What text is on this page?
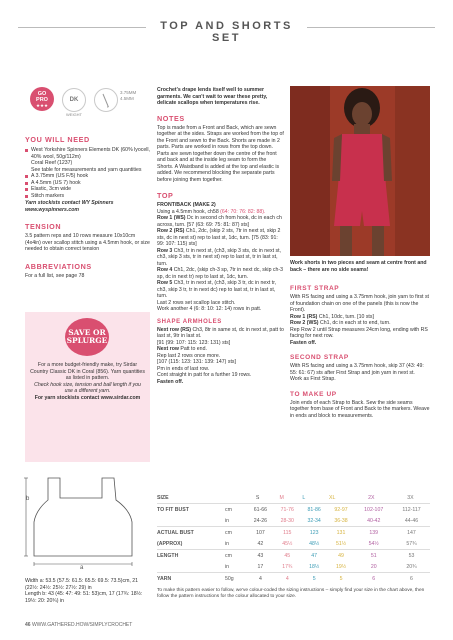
TOP AND SHORTS SET
GO
PRO
★★★
DK
WEIGHT
3.75MM
4.5MM
YOU WILL NEED
West Yorkshire Spinners Elements DK (60% lyocell, 40% wool, 50g/112m)
Coral Reef (1237)
See table for measurements and yarn quantities
A 3.75mm (US F/5) hook
A 4.5mm (US 7) hook
Elastic, 3cm wide
Stitch markers
Yarn stockists contact WY Spinners www.wyspinners.com
TENSION
3.5 pattern reps and 10 rows measure 10x10cm (4x4in) over scallop stitch using a 4.5mm hook, or size needed to obtain correct tension
ABBREVIATIONS
For a full list, see page 78
SAVE OR
SPLURGE
For a more budget-friendly make, try Sirdar Country Classic DK in Coral (856). Yarn quantities as listed in pattern.
Check hook size, tension and ball length if you use a different yarn.
For yarn stockists contact www.sirdar.com
Crochet's drape lends itself well to summer garments. We can't wait to wear these pretty, delicate scallops when temperatures rise.
NOTES
Top is made from a Front and Back, which are sewn together at the sides. Straps are worked from the top of the Front and sewn to the Back. Shorts are made in 2 parts. Parts are worked in rows from the top down. Parts are sewn together down the centre of the front and back and at the inside leg seam to form the Shorts. A Waistband is added at the top and elastic is added. We recommend blocking the separate parts before joining them together.
TOP
FRONT/BACK (MAKE 2)
Using a 4.5mm hook, ch58 (64: 70: 76: 82: 88).
Row 1 (WS) Dc in second ch from hook, dc in each ch across, turn. [57 (63: 69: 75: 81: 87) sts]
Row 2 (RS) Ch1, 2dc, (skip 2 sts, 7tr in next st, skip 2 sts, dc in next st) rep to last st, 1dc, turn. [75 (83: 91: 99: 107: 115) sts]
Row 3 Ch3, tr in next st, (ch3, skip 3 sts, dc in next st, ch3, skip 3 sts, tr in next st) rep to last st, tr in last st, turn.
Row 4 Ch1, 2dc, (skip ch-3 sp, 7tr in next dc, skip ch-3 sp, dc in next tr) rep to last st, 1dc, turn.
Row 5 Ch3, tr in next st, (ch3, skip 3 tr, dc in next tr, ch3, skip 3 tr, tr in next dc) rep to last st, tr in last st, turn.
Last 2 rows set scallop lace stitch.
Work another 4 (6: 8: 10: 12: 14) rows in patt.
SHAPE ARMHOLES
Next row (RS) Ch3, 8tr in same st, dc in next st, patt to last st, 9tr in last st.
[91 (99: 107: 115: 123: 131) sts]
Next row Patt to end.
Rep last 2 rows once more.
[107 (115: 123: 131: 139: 147) sts]
Pm in ends of last row.
Cont straight in patt for a further 19 rows.
Fasten off.
Work shorts in two pieces and seam at centre front and back – there are no side seams!
FIRST STRAP
With RS facing and using a 3.75mm hook, join yarn to first st of foundation chain on one of the panels (this is now the Front).
Row 1 (RS) Ch1, 10dc, turn. [10 sts]
Row 2 (WS) Ch1, dc in each st to end, turn.
Rep Row 2 until Strap measures 24cm long, ending with RS facing for next row.
Fasten off.
SECOND STRAP
With RS facing and using a 3.75mm hook, skip 37 (43: 49: 55: 61: 67) sts after First Strap and join yarn in next st.
Work as First Strap.
TO MAKE UP
Join ends of each Strap to Back. Sew the side seams together from base of Front and Back to the markers. Weave in ends and block to measurements.
b
a
Width a: 53.5 (57.5: 61.5: 65.5: 69.5: 73.5)cm, 21 (22½: 24½: 25½: 27½: 29) in
Length b: 43 (45: 47: 49: 51: 53)cm, 17 (17¾: 18½: 19½: 20: 20¾) in
SIZE		S	M	L	XL	2X	3X
TO FIT BUST	cm	61-66	71-76	81-86	92-97	102-107	112-117
	in	24-26	28-30	32-34	36-38	40-42	44-46
ACTUAL BUST	cm	107	115	123	131	139	147
(APPROX)	in	42	45½	48½	51½	54½	57¾
LENGTH	cm	43	45	47	49	51	53
	in	17	17¾	18½	19½	20	20¾
YARN	50g	4	4	5	5	6	6
To make this pattern easier to follow, we've colour-coded the sizing instructions – simply find your size in the chart above, then follow the pattern instructions for the colour allocated to your size.
46 WWW.GATHERED.HOW/SIMPLYCROCHET
